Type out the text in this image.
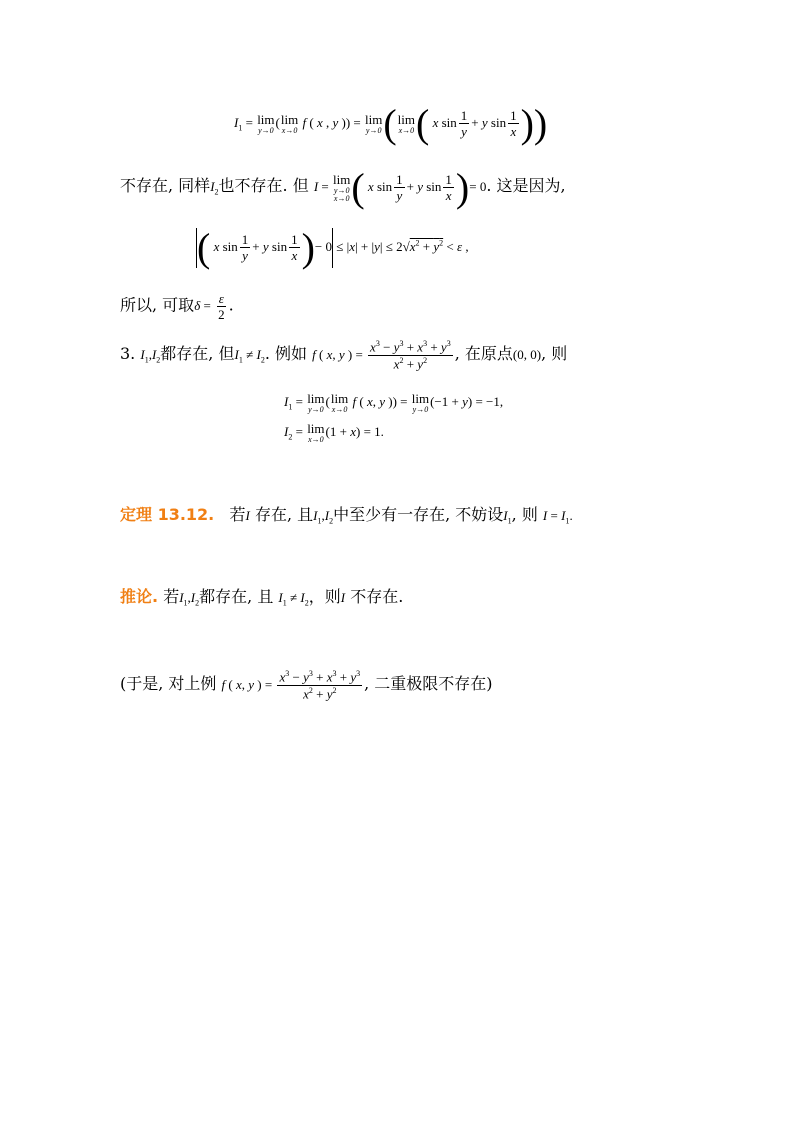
$I_1 = \lim$
y→0
( lim
x→0
f ( x , y )) = lim
y→0 ( lim
x→0 ( x $\sin \frac{1}{y} + y$ $\sin \frac{1}{x}$ ))
不存在, 同样$I_2$也不存在. 但 I = lim
y→0
x→0 ( x $\sin \frac{1}{y} + y$ $\sin \frac{1}{x}$ )= 0. 这是因为,
( x $\sin \frac{1}{y} + y$ $\sin \frac{1}{x}$ )− $0 \le |x| + |y| \le 2√x^2 + y^2 < \varepsilon$ ,
所以, 可取$\delta = \frac{\varepsilon}{2}$ .
3. $I_1,I_2$都存在, 但$I_1 \ne I_2$. 例如 f ( x, y ) = $\frac{x^3 - y^3 + x^3 + y^3}{x^2 + y^2}$ , 在原点(0, 0), 则
$I_1 = \lim$
y→0
( lim
x→0
f ( x, y )) = lim
y→0
(−1 + y) = −1,
$I_2 = \lim$
x→0
(1 + x) = 1.
定理 13.12. 若I 存在, 且$I_1,I_2$中至少有一存在, 不妨设$I_1$, 则 $I = I_1$.
推论. 若$I_1,I_2$都存在, 且 $I_1 \ne I_2$，则I 不存在.
(于是, 对上例 f ( x, y ) = $\frac{x^3 - y^3 + x^3 + y^3}{x^2 + y^2}$ , 二重极限不存在)
